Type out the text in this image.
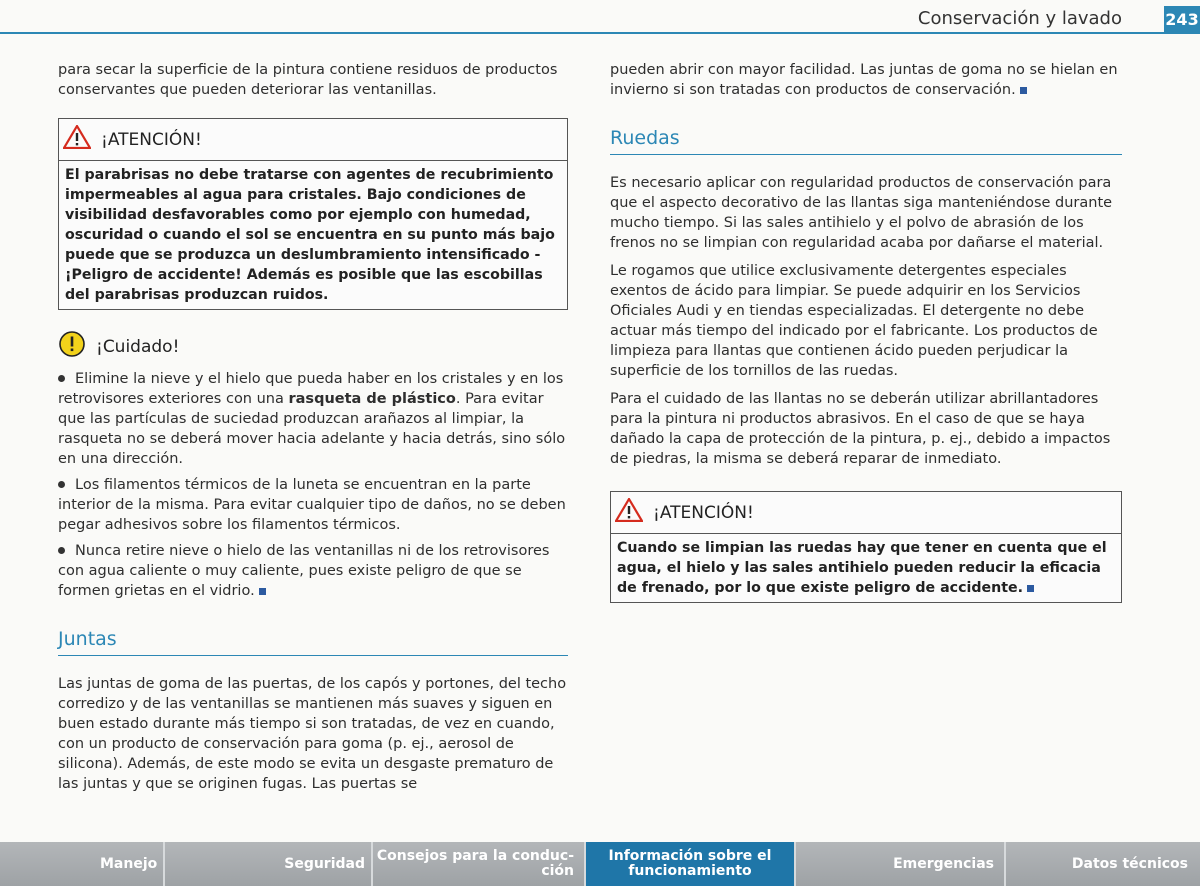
Conservación y lavado	243

para secar la superficie de la pintura contiene residuos de productos conservantes que pueden deteriorar las ventanillas.

¡ATENCIÓN!
El parabrisas no debe tratarse con agentes de recubrimiento impermeables al agua para cristales. Bajo condiciones de visibilidad desfavorables como por ejemplo con humedad, oscuridad o cuando el sol se encuentra en su punto más bajo puede que se produzca un deslumbramiento intensificado - ¡Peligro de accidente! Además es posible que las escobillas del parabrisas produzcan ruidos.
¡Cuidado!

Elimine la nieve y el hielo que pueda haber en los cristales y en los retrovisores exteriores con una rasqueta de plástico. Para evitar que las partículas de suciedad produzcan arañazos al limpiar, la rasqueta no se deberá mover hacia adelante y hacia detrás, sino sólo en una dirección.

Los filamentos térmicos de la luneta se encuentran en la parte interior de la misma. Para evitar cualquier tipo de daños, no se deben pegar adhesivos sobre los filamentos térmicos.

Nunca retire nieve o hielo de las ventanillas ni de los retrovisores con agua caliente o muy caliente, pues existe peligro de que se formen grietas en el vidrio.

Juntas

Las juntas de goma de las puertas, de los capós y portones, del techo corredizo y de las ventanillas se mantienen más suaves y siguen en buen estado durante más tiempo si son tratadas, de vez en cuando, con un producto de conservación para goma (p. ej., aerosol de silicona). Además, de este modo se evita un desgaste prematuro de las juntas y que se originen fugas. Las puertas se

pueden abrir con mayor facilidad. Las juntas de goma no se hielan en invierno si son tratadas con productos de conservación.

Ruedas

Es necesario aplicar con regularidad productos de conservación para que el aspecto decorativo de las llantas siga manteniéndose durante mucho tiempo. Si las sales antihielo y el polvo de abrasión de los frenos no se limpian con regularidad acaba por dañarse el material.

Le rogamos que utilice exclusivamente detergentes especiales exentos de ácido para limpiar. Se puede adquirir en los Servicios Oficiales Audi y en tiendas especializadas. El detergente no debe actuar más tiempo del indicado por el fabricante. Los productos de limpieza para llantas que contienen ácido pueden perjudicar la superficie de los tornillos de las ruedas.

Para el cuidado de las llantas no se deberán utilizar abrillantadores para la pintura ni productos abrasivos. En el caso de que se haya dañado la capa de protección de la pintura, p. ej., debido a impactos de piedras, la misma se deberá reparar de inmediato.

¡ATENCIÓN!
Cuando se limpian las ruedas hay que tener en cuenta que el agua, el hielo y las sales antihielo pueden reducir la eficacia de frenado, por lo que existe peligro de accidente.
Manejo	Seguridad Consejos para la conduc-
ción
Información sobre el
funcionamiento	Emergencias	Datos técnicos
